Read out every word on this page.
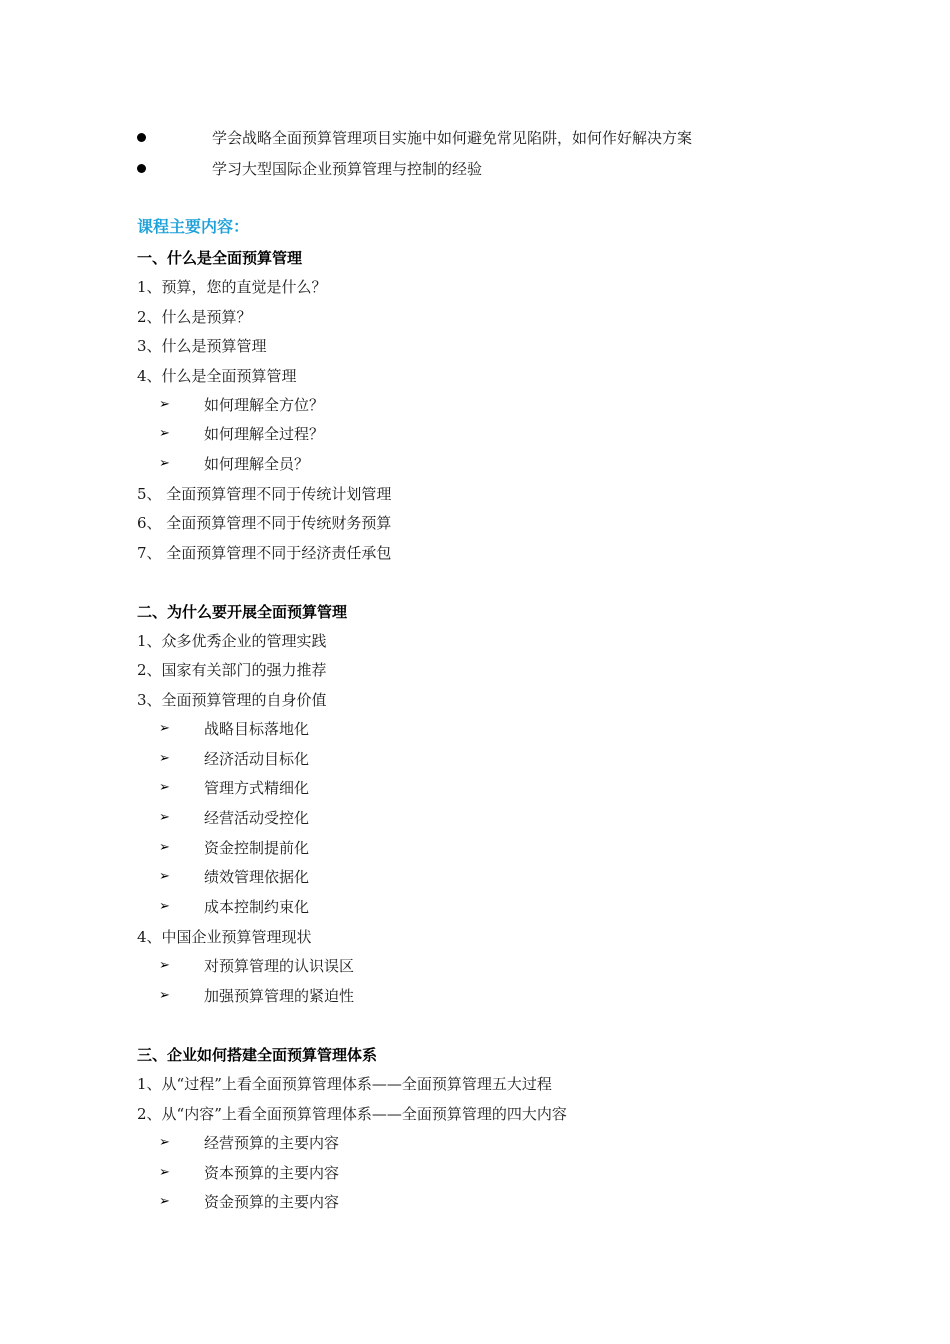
学会战略全面预算管理项目实施中如何避免常见陷阱，如何作好解决方案
学习大型国际企业预算管理与控制的经验
课程主要内容：
一、什么是全面预算管理
1、预算，您的直觉是什么？
2、什么是预算？
3、什么是预算管理
4、什么是全面预算管理
➢ 如何理解全方位？
➢ 如何理解全过程？
➢ 如何理解全员？
5、 全面预算管理不同于传统计划管理
6、 全面预算管理不同于传统财务预算
7、 全面预算管理不同于经济责任承包
二、为什么要开展全面预算管理
1、众多优秀企业的管理实践
2、国家有关部门的强力推荐
3、全面预算管理的自身价值
➢ 战略目标落地化
➢ 经济活动目标化
➢ 管理方式精细化
➢ 经营活动受控化
➢ 资金控制提前化
➢ 绩效管理依据化
➢ 成本控制约束化
4、中国企业预算管理现状
➢ 对预算管理的认识误区
➢ 加强预算管理的紧迫性
三、企业如何搭建全面预算管理体系
1、从“过程”上看全面预算管理体系——全面预算管理五大过程
2、从“内容”上看全面预算管理体系——全面预算管理的四大内容
➢ 经营预算的主要内容
➢ 资本预算的主要内容
➢ 资金预算的主要内容
